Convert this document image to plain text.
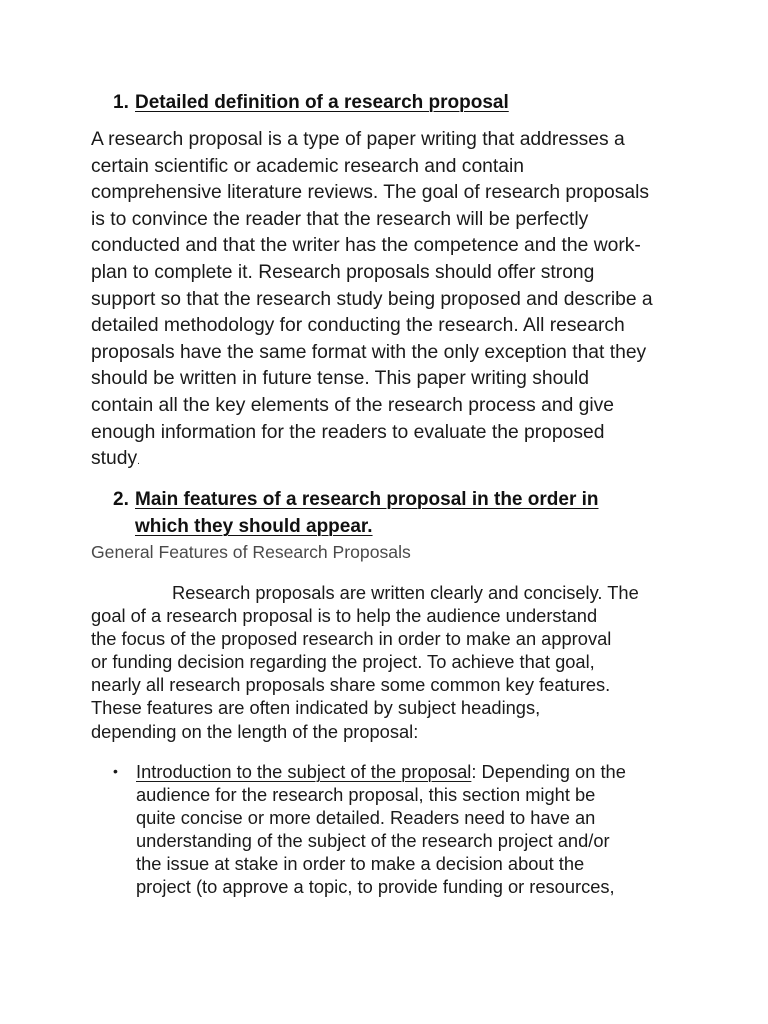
1. Detailed definition of a research proposal
A research proposal is a type of paper writing that addresses a
certain scientific or academic research and contain
comprehensive literature reviews. The goal of research proposals
is to convince the reader that the research will be perfectly
conducted and that the writer has the competence and the work-
plan to complete it. Research proposals should offer strong
support so that the research study being proposed and describe a
detailed methodology for conducting the research. All research
proposals have the same format with the only exception that they
should be written in future tense. This paper writing should
contain all the key elements of the research process and give
enough information for the readers to evaluate the proposed
study.
2. Main features of a research proposal in the order in
which they should appear.
General Features of Research Proposals
Research proposals are written clearly and concisely. The
goal of a research proposal is to help the audience understand
the focus of the proposed research in order to make an approval
or funding decision regarding the project. To achieve that goal,
nearly all research proposals share some common key features.
These features are often indicated by subject headings,
depending on the length of the proposal:
• Introduction to the subject of the proposal: Depending on the
audience for the research proposal, this section might be
quite concise or more detailed. Readers need to have an
understanding of the subject of the research project and/or
the issue at stake in order to make a decision about the
project (to approve a topic, to provide funding or resources,
